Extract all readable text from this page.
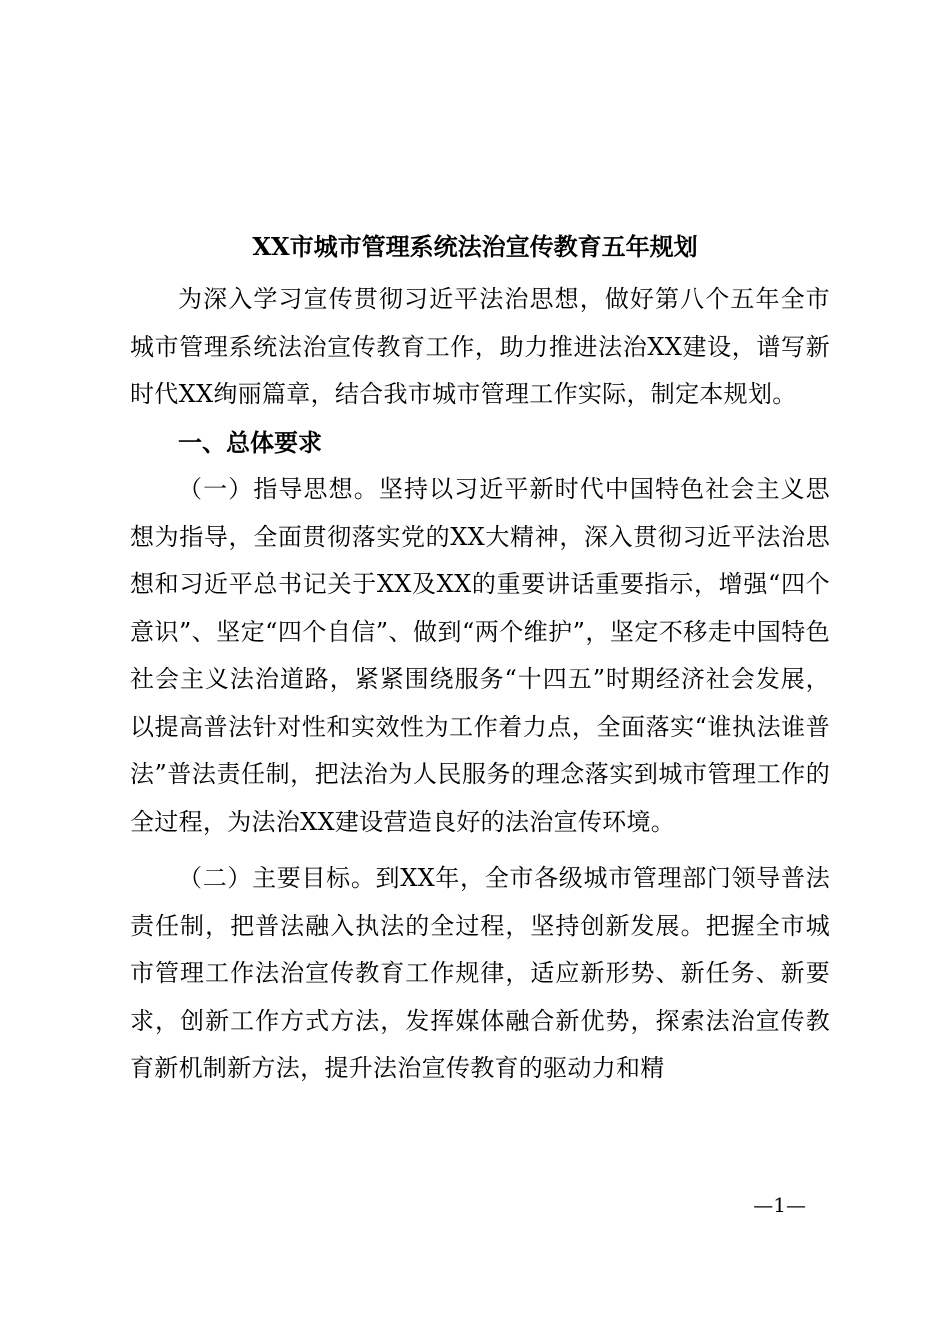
XX市城市管理系统法治宣传教育五年规划

为深入学习宣传贯彻习近平法治思想，做好第八个五年全市城市管理系统法治宣传教育工作，助力推进法治XX建设，谱写新时代XX绚丽篇章，结合我市城市管理工作实际，制定本规划。

一、总体要求

（一）指导思想。坚持以习近平新时代中国特色社会主义思想为指导，全面贯彻落实党的XX大精神，深入贯彻习近平法治思想和习近平总书记关于XX及XX的重要讲话重要指示，增强“四个意识”、坚定“四个自信”、做到“两个维护”，坚定不移走中国特色社会主义法治道路，紧紧围绕服务“十四五”时期经济社会发展，以提高普法针对性和实效性为工作着力点，全面落实“谁执法谁普法”普法责任制，把法治为人民服务的理念落实到城市管理工作的全过程，为法治XX建设营造良好的法治宣传环境。

（二）主要目标。到XX年，全市各级城市管理部门领导普法责任制，把普法融入执法的全过程，坚持创新发展。把握全市城市管理工作法治宣传教育工作规律，适应新形势、新任务、新要求，创新工作方式方法，发挥媒体融合新优势，探索法治宣传教育新机制新方法，提升法治宣传教育的驱动力和精

—1—
